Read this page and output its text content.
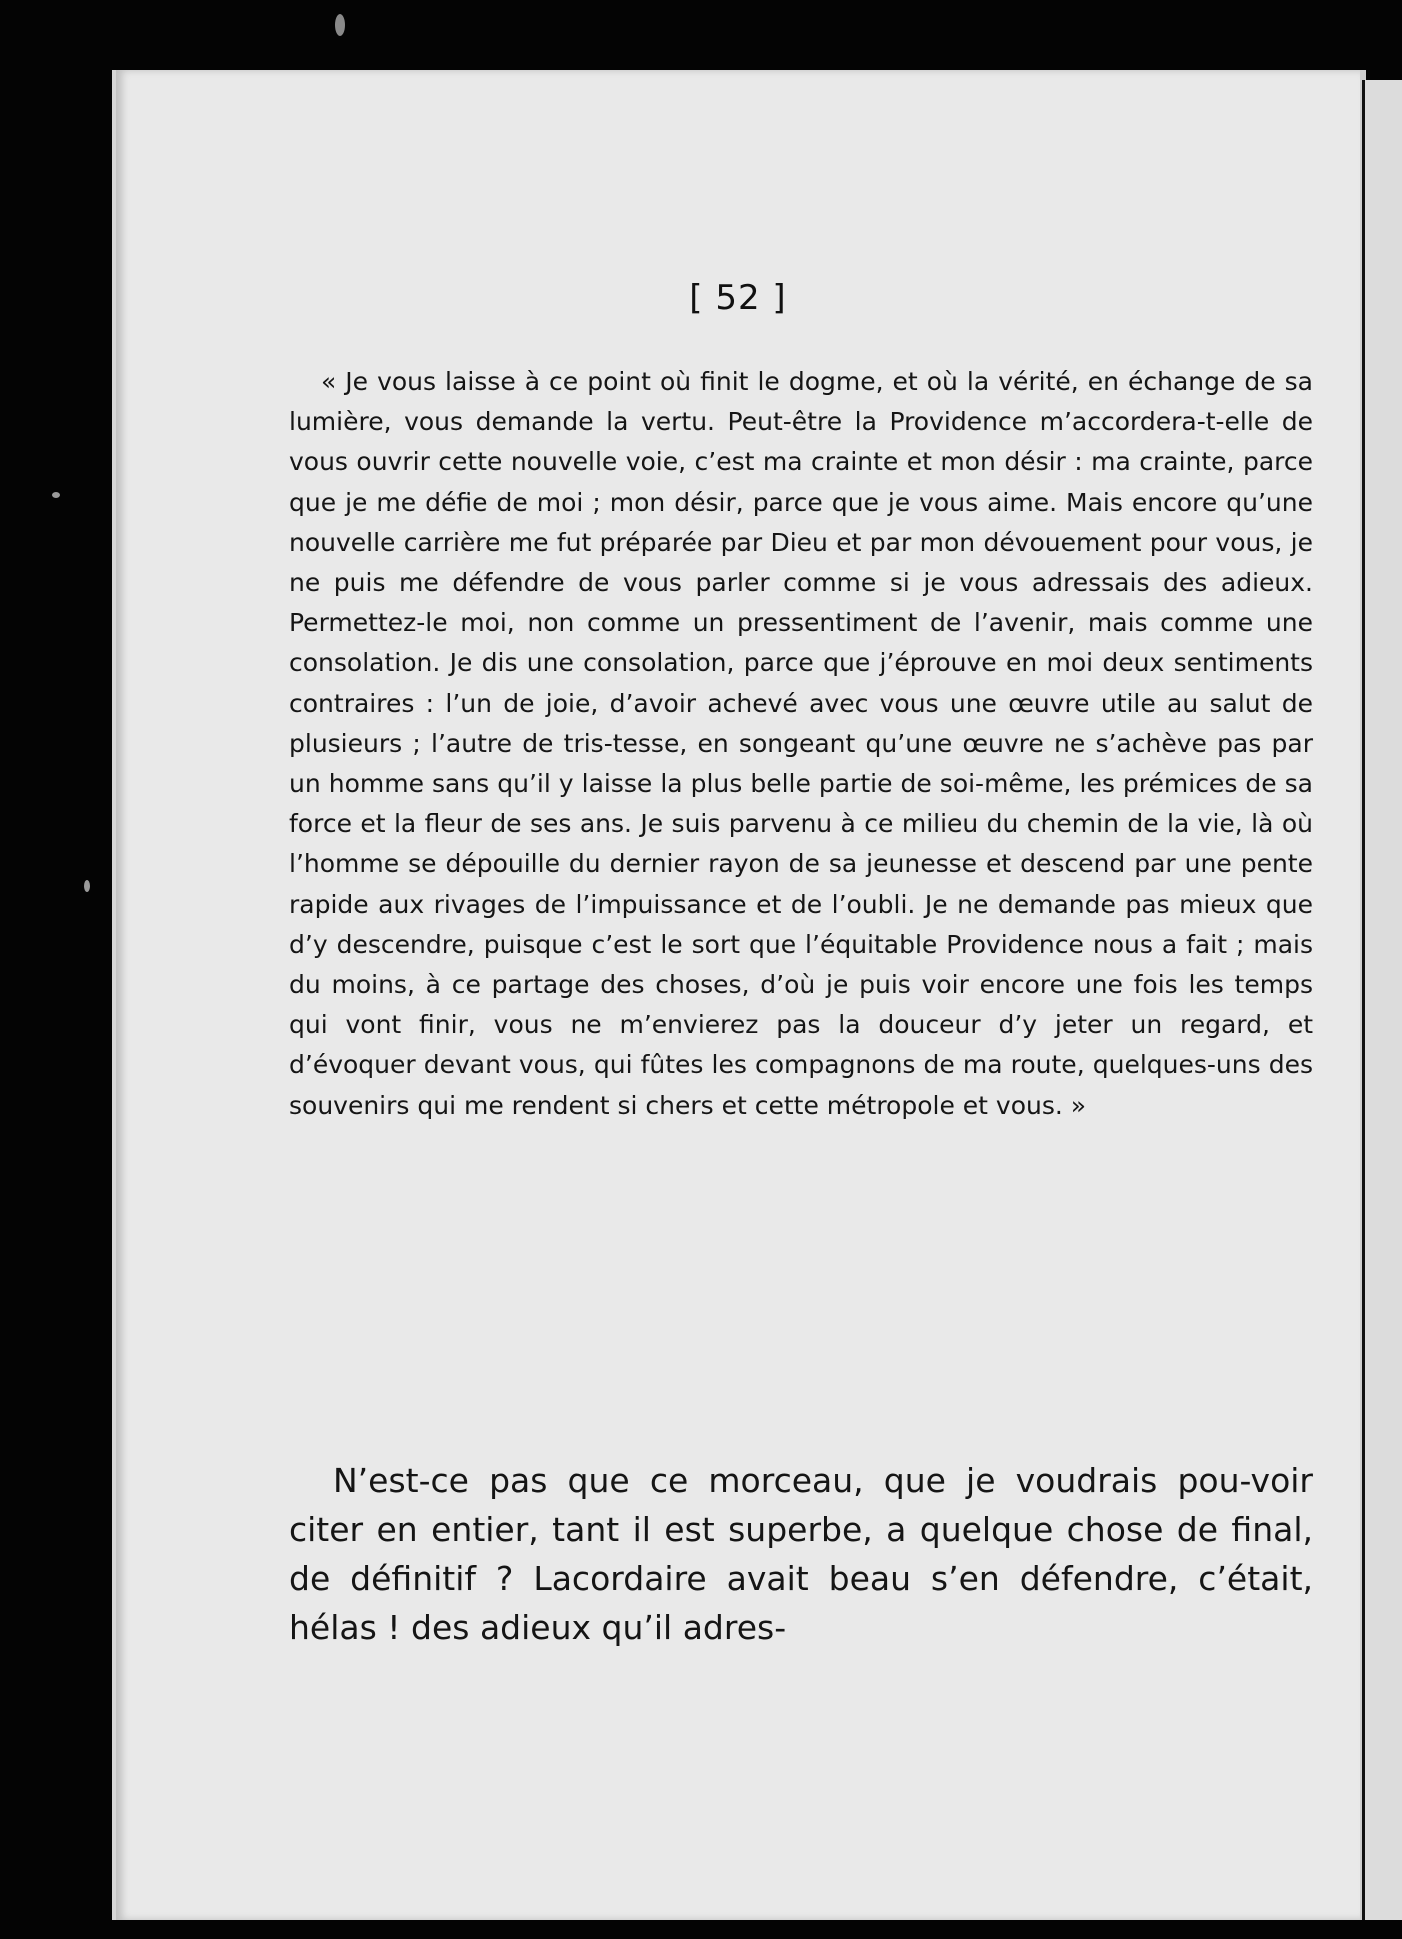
[ 52 ]

« Je vous laisse à ce point où finit le dogme, et où la vérité, en échange de sa lumière, vous demande la vertu. Peut-être la Providence m’accordera-t-elle de vous ouvrir cette nouvelle voie, c’est ma crainte et mon désir : ma crainte, parce que je me défie de moi ; mon désir, parce que je vous aime. Mais encore qu’une nouvelle carrière me fut préparée par Dieu et par mon dévouement pour vous, je ne puis me défendre de vous parler comme si je vous adressais des adieux. Permettez-le moi, non comme un pressentiment de l’avenir, mais comme une consolation. Je dis une consolation, parce que j’éprouve en moi deux sentiments contraires : l’un de joie, d’avoir achevé avec vous une œuvre utile au salut de plusieurs ; l’autre de tris-tesse, en songeant qu’une œuvre ne s’achève pas par un homme sans qu’il y laisse la plus belle partie de soi-même, les prémices de sa force et la fleur de ses ans. Je suis parvenu à ce milieu du chemin de la vie, là où l’homme se dépouille du dernier rayon de sa jeunesse et descend par une pente rapide aux rivages de l’impuissance et de l’oubli. Je ne demande pas mieux que d’y descendre, puisque c’est le sort que l’équitable Providence nous a fait ; mais du moins, à ce partage des choses, d’où je puis voir encore une fois les temps qui vont finir, vous ne m’envierez pas la douceur d’y jeter un regard, et d’évoquer devant vous, qui fûtes les compagnons de ma route, quelques-uns des souvenirs qui me rendent si chers et cette métropole et vous. »

N’est-ce pas que ce morceau, que je voudrais pou-voir citer en entier, tant il est superbe, a quelque chose de final, de définitif ? Lacordaire avait beau s’en défendre, c’était, hélas ! des adieux qu’il adres-
